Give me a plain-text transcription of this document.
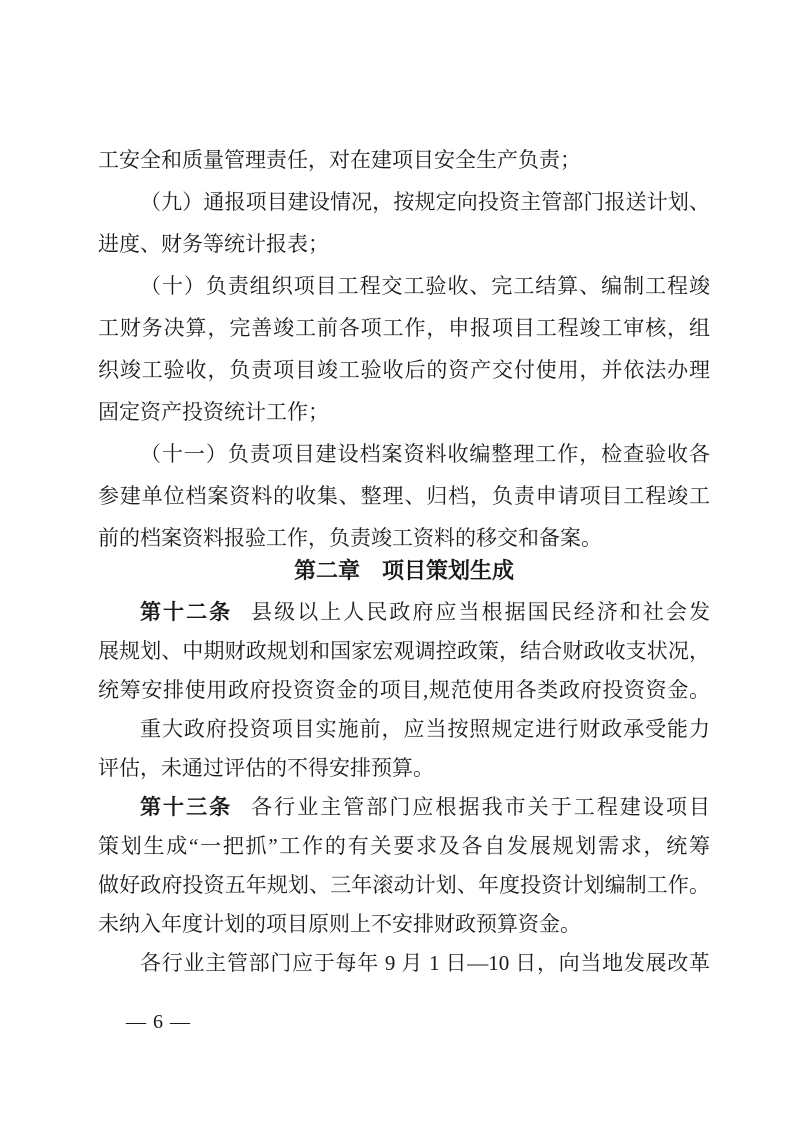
工安全和质量管理责任，对在建项目安全生产负责；
（九）通报项目建设情况，按规定向投资主管部门报送计划、
进度、财务等统计报表；
（十）负责组织项目工程交工验收、完工结算、编制工程竣
工财务决算，完善竣工前各项工作，申报项目工程竣工审核，组
织竣工验收，负责项目竣工验收后的资产交付使用，并依法办理
固定资产投资统计工作；
（十一）负责项目建设档案资料收编整理工作，检查验收各
参建单位档案资料的收集、整理、归档，负责申请项目工程竣工
前的档案资料报验工作，负责竣工资料的移交和备案。
第二章　项目策划生成
第十二条 县级以上人民政府应当根据国民经济和社会发
展规划、中期财政规划和国家宏观调控政策，结合财政收支状况，
统筹安排使用政府投资资金的项目,规范使用各类政府投资资金。
重大政府投资项目实施前，应当按照规定进行财政承受能力
评估，未通过评估的不得安排预算。
第十三条 各行业主管部门应根据我市关于工程建设项目
策划生成“一把抓”工作的有关要求及各自发展规划需求，统筹
做好政府投资五年规划、三年滚动计划、年度投资计划编制工作。
未纳入年度计划的项目原则上不安排财政预算资金。
各行业主管部门应于每年 9 月 1 日—10 日，向当地发展改革
— 6 —
